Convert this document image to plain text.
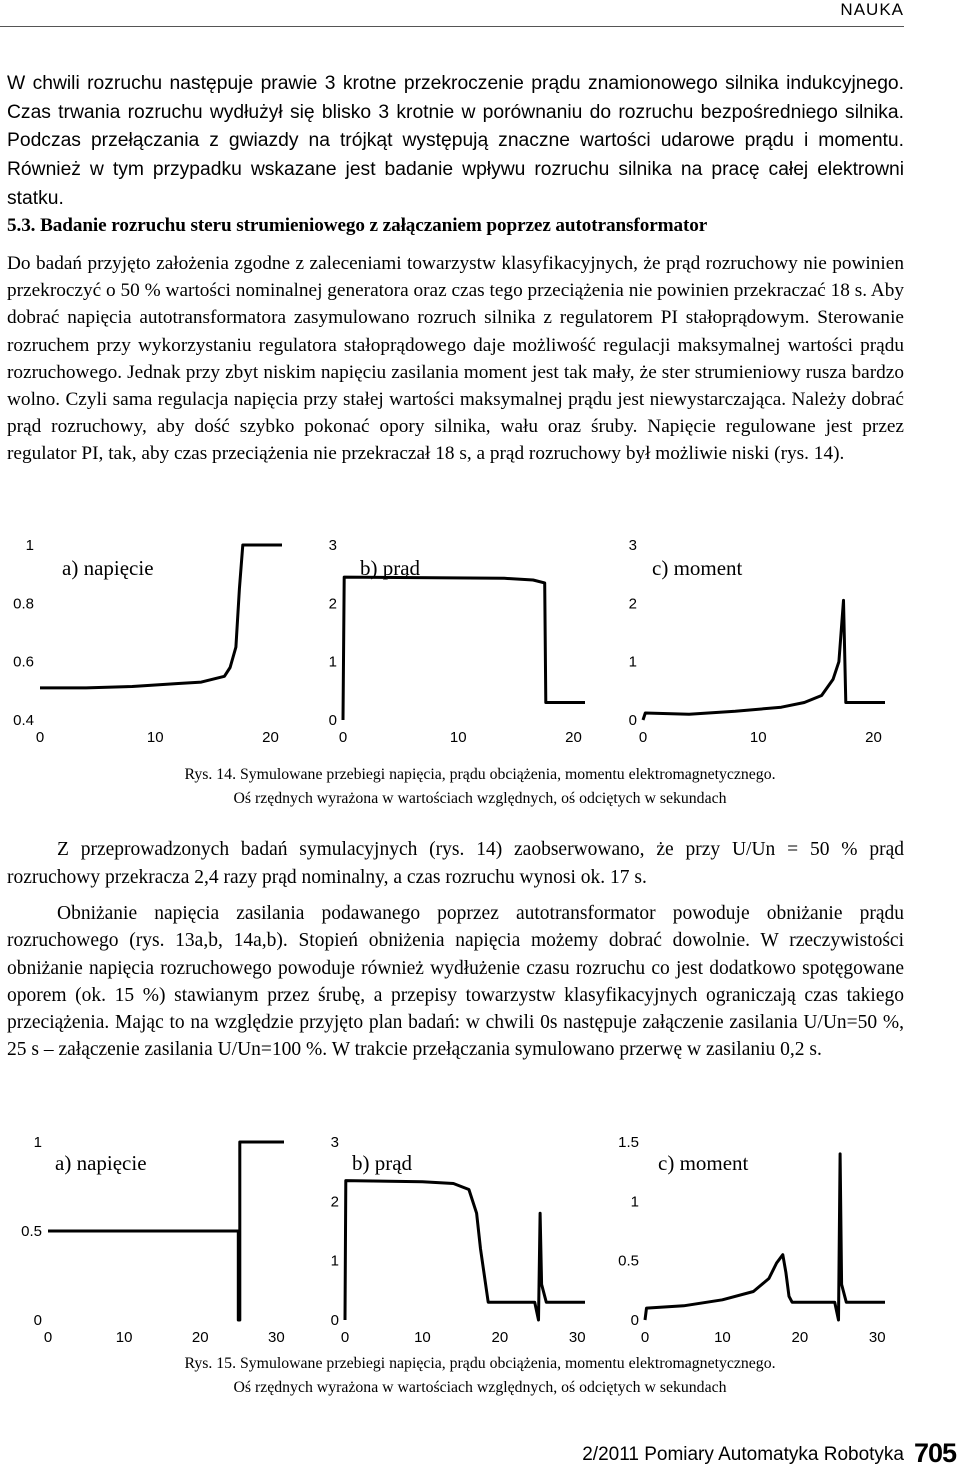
NAUKA

W chwili rozruchu następuje prawie 3 krotne przekroczenie prądu znamionowego silnika indukcyjnego. Czas trwania rozruchu wydłużył się blisko 3 krotnie w porównaniu do rozruchu bezpośredniego silnika. Podczas przełączania z gwiazdy na trójkąt występują znaczne wartości udarowe prądu i momentu. Również w tym przypadku wskazane jest badanie wpływu rozruchu silnika na pracę całej elektrowni statku.

5.3. Badanie rozruchu steru strumieniowego z załączaniem poprzez autotransformator

Do badań przyjęto założenia zgodne z zaleceniami towarzystw klasyfikacyjnych, że prąd rozruchowy nie powinien przekroczyć o 50 % wartości nominalnej generatora oraz czas tego przeciążenia nie powinien przekraczać 18 s. Aby dobrać napięcia autotransformatora zasymulowano rozruch silnika z regulatorem PI stałoprądowym. Sterowanie rozruchem przy wykorzystaniu regulatora stałoprądowego daje możliwość regulacji maksymalnej wartości prądu rozruchowego. Jednak przy zbyt niskim napięciu zasilania moment jest tak mały, że ster strumieniowy rusza bardzo wolno. Czyli sama regulacja napięcia przy stałej wartości maksymalnej prądu jest niewystarczająca. Należy dobrać prąd rozruchowy, aby dość szybko pokonać opory silnika, wału oraz śruby. Napięcie regulowane jest przez regulator PI, tak, aby czas przeciążenia nie przekraczał 18 s, a prąd rozruchowy był możliwie niski (rys. 14).

0.4
0.6
0.8
1
0	10	20
a) napięcie
0
1
2
3
0	10	20
b) prąd
0
1
2
3
0	10	20
c) moment
Rys. 14. Symulowane przebiegi napięcia, prądu obciążenia, momentu elektromagnetycznego.
Oś rzędnych wyrażona w wartościach względnych, oś odciętych w sekundach

Z przeprowadzonych badań symulacyjnych (rys. 14) zaobserwowano, że przy U/Un = 50 % prąd rozruchowy przekracza 2,4 razy prąd nominalny, a czas rozruchu wynosi ok. 17 s.

Obniżanie napięcia zasilania podawanego poprzez autotransformator powoduje obniżanie prądu rozruchowego (rys. 13a,b, 14a,b). Stopień obniżenia napięcia możemy dobrać dowolnie. W rzeczywistości obniżanie napięcia rozruchowego powoduje również wydłużenie czasu rozruchu co jest dodatkowo spotęgowane oporem (ok. 15 %) stawianym przez śrubę, a przepisy towarzystw klasyfikacyjnych ograniczają czas takiego przeciążenia. Mając to na względzie przyjęto plan badań: w chwili 0s następuje załączenie zasilania U/Un=50 %, 25 s – załączenie zasilania U/Un=100 %. W trakcie przełączania symulowano przerwę w zasilaniu 0,2 s.

0
0.5
1
0	10	20	30
a) napięcie
0
1
2
3
0	10	20	30
b) prąd
0
0.5
1
1.5
0	10	20	30
c) moment
Rys. 15. Symulowane przebiegi napięcia, prądu obciążenia, momentu elektromagnetycznego.
Oś rzędnych wyrażona w wartościach względnych, oś odciętych w sekundach
2/2011 Pomiary Automatyka Robotyka 705
